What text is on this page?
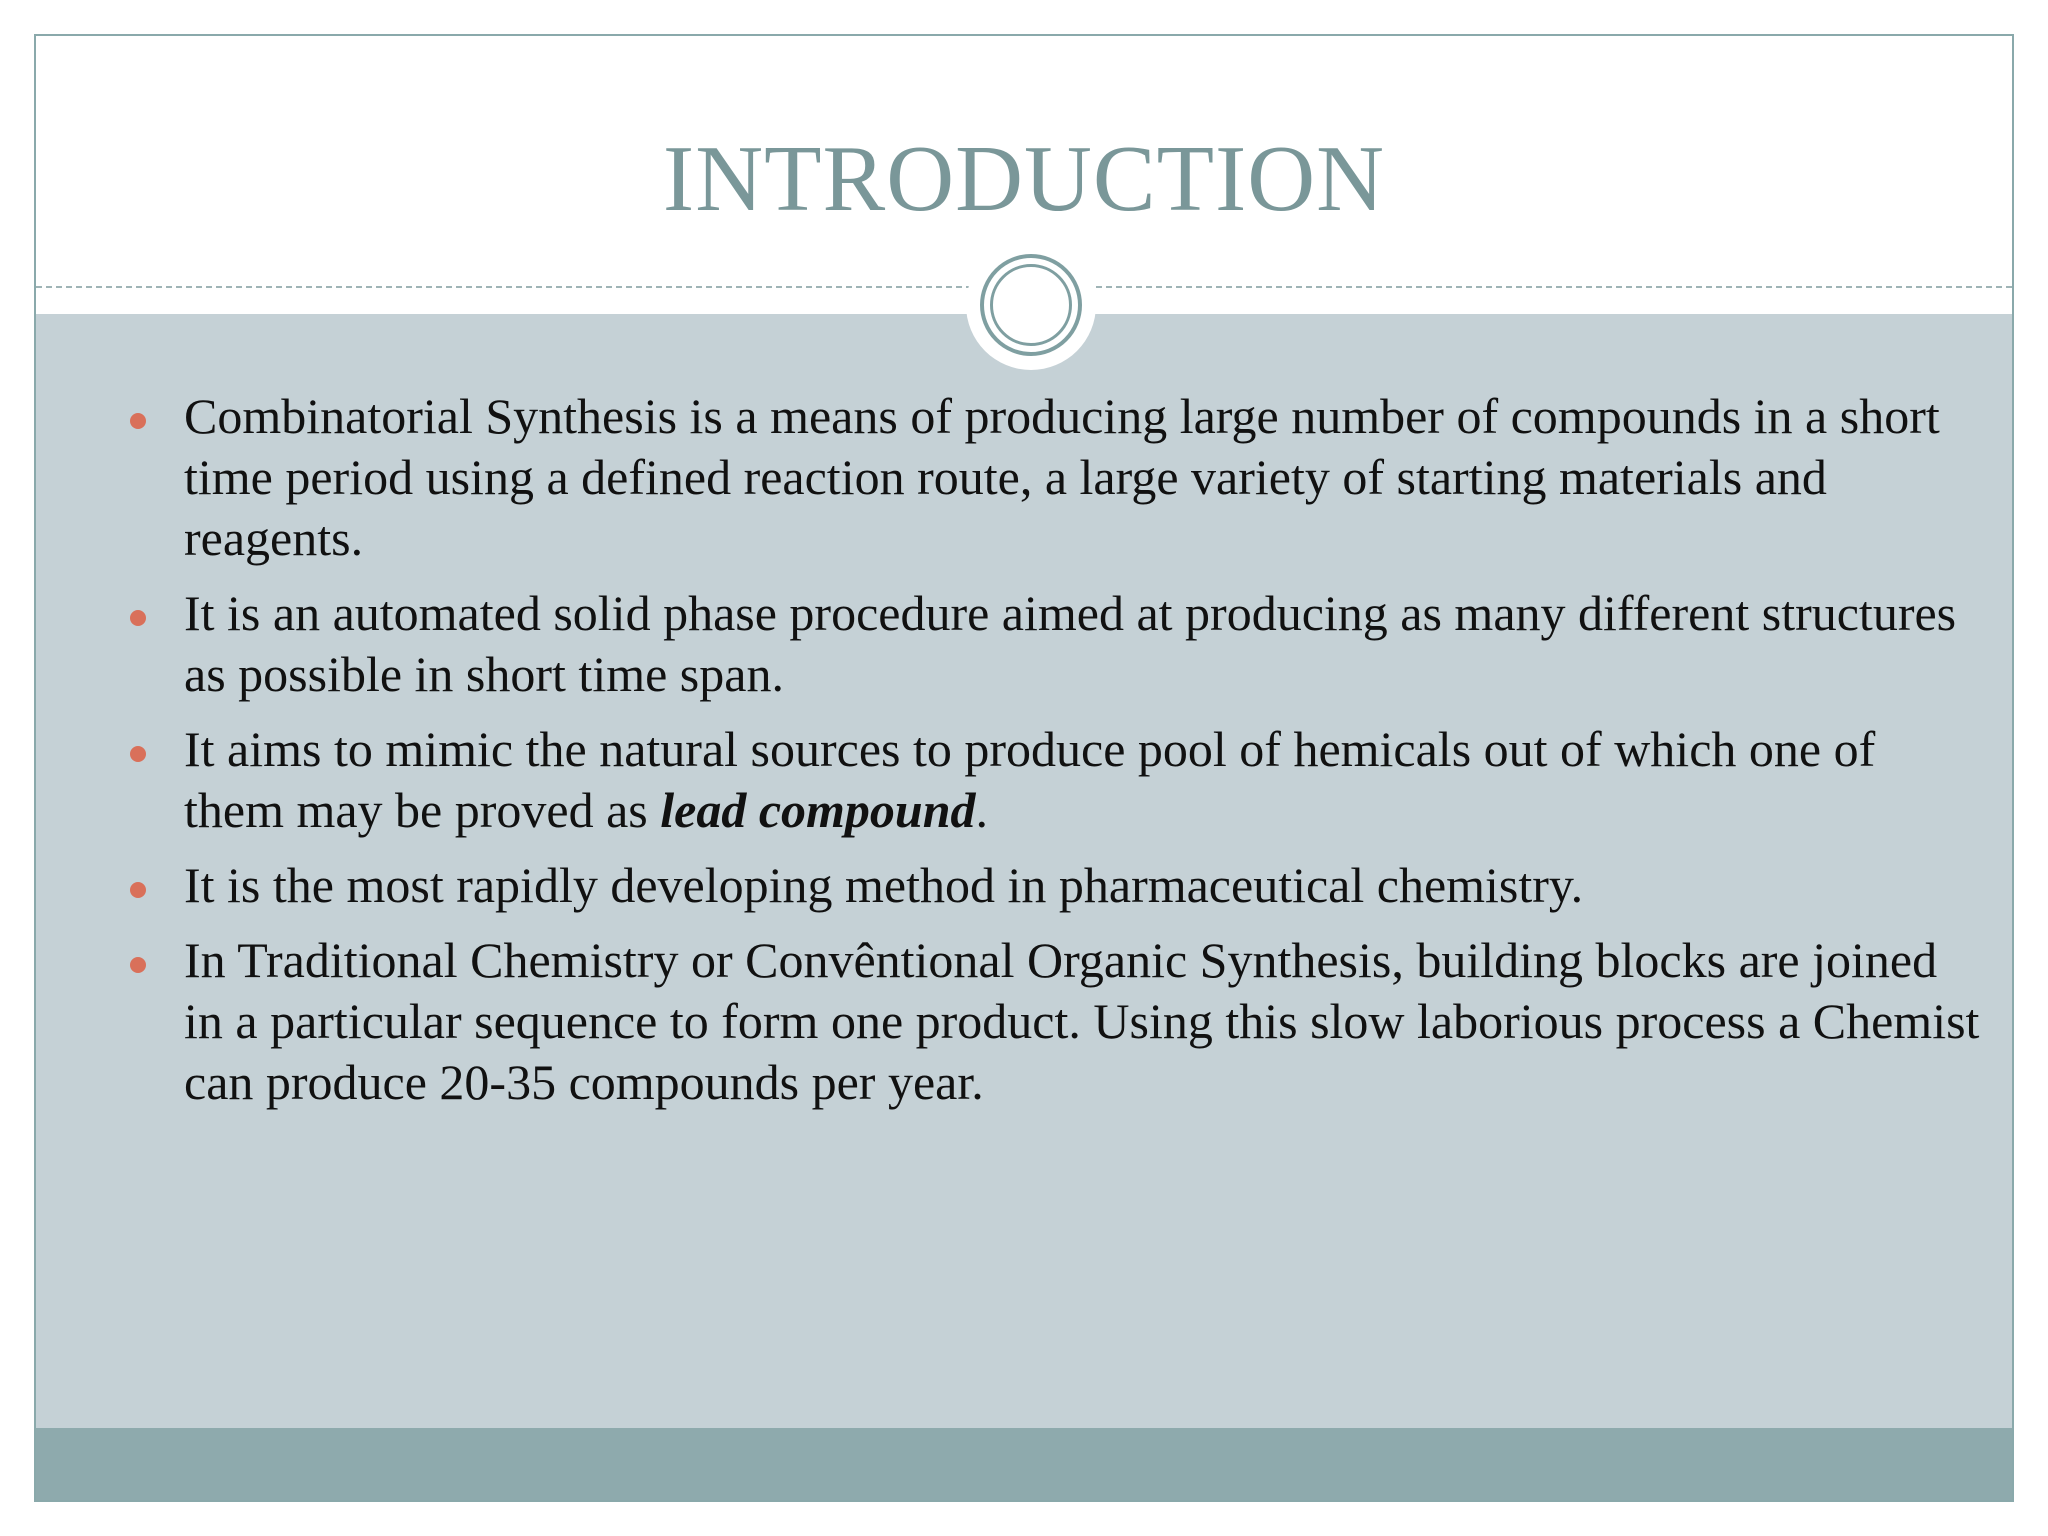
INTRODUCTION
Combinatorial Synthesis is a means of producing large number of compounds in a short time period using a defined reaction route, a large variety of starting materials and reagents.
It is an automated solid phase procedure aimed at producing as many different structures as possible in short time span.
It aims to mimic the natural sources to produce pool of hemicals out of which one of them may be proved as lead compound.
It is the most rapidly developing method in pharmaceutical chemistry.
In Traditional Chemistry or Convêntional Organic Synthesis, building blocks are joined in a particular sequence to form one product. Using this slow laborious process a Chemist can produce 20-35 compounds per year.
